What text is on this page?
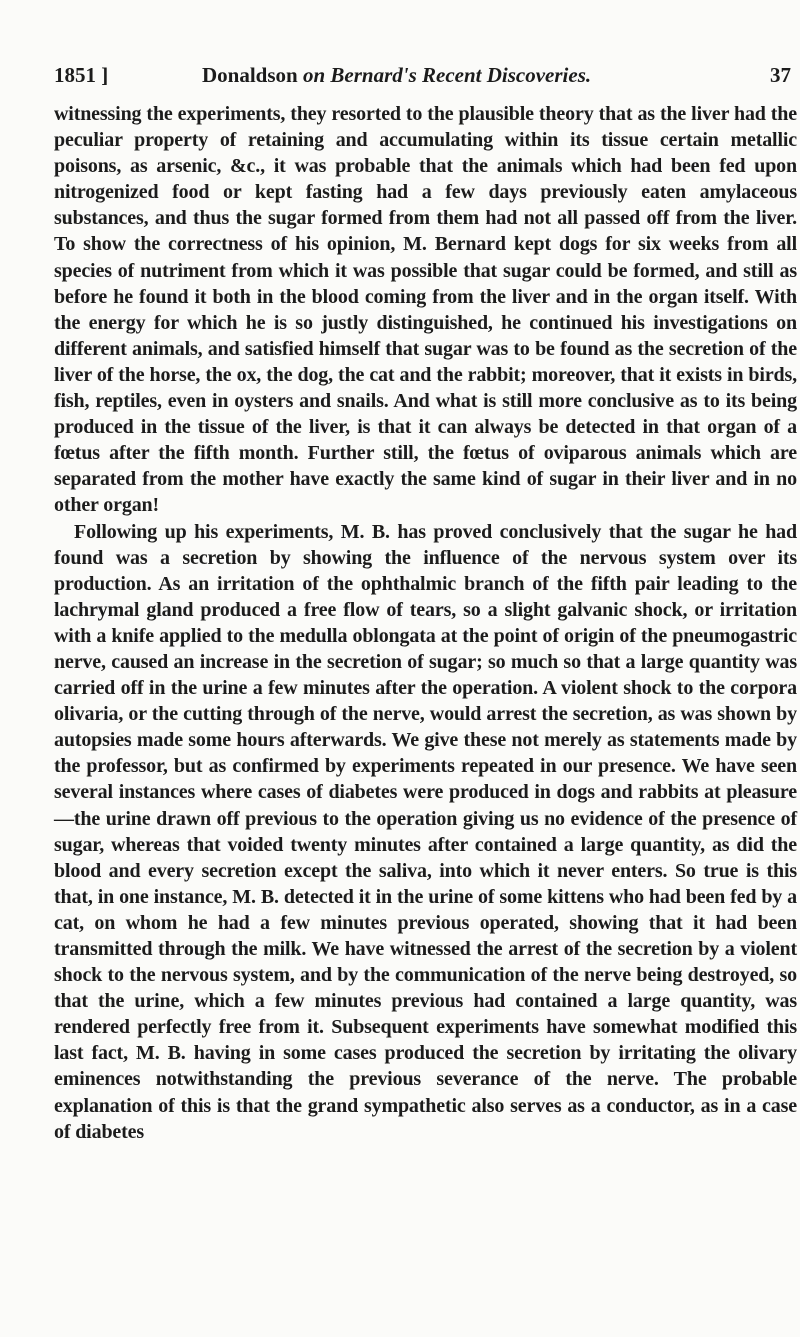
1851 ]	Donaldson on Bernard's Recent Discoveries.	37

witnessing the experiments, they resorted to the plausible theory that as the liver had the peculiar property of retaining and accumulating within its tissue certain metallic poisons, as arsenic, &c., it was probable that the animals which had been fed upon nitrogenized food or kept fasting had a few days previously eaten amylaceous substances, and thus the sugar formed from them had not all passed off from the liver. To show the correctness of his opinion, M. Bernard kept dogs for six weeks from all species of nutriment from which it was possible that sugar could be formed, and still as before he found it both in the blood coming from the liver and in the organ itself. With the energy for which he is so justly distinguished, he continued his investigations on different animals, and satisfied himself that sugar was to be found as the secretion of the liver of the horse, the ox, the dog, the cat and the rabbit; moreover, that it exists in birds, fish, reptiles, even in oysters and snails. And what is still more conclusive as to its being produced in the tissue of the liver, is that it can always be detected in that organ of a fœtus after the fifth month. Further still, the fœtus of oviparous animals which are separated from the mother have exactly the same kind of sugar in their liver and in no other organ!

Following up his experiments, M. B. has proved conclusively that the sugar he had found was a secretion by showing the influence of the nervous system over its production. As an irritation of the ophthalmic branch of the fifth pair leading to the lachrymal gland produced a free flow of tears, so a slight galvanic shock, or irritation with a knife applied to the medulla oblongata at the point of origin of the pneumogastric nerve, caused an increase in the secretion of sugar; so much so that a large quantity was carried off in the urine a few minutes after the operation. A violent shock to the corpora olivaria, or the cutting through of the nerve, would arrest the secretion, as was shown by autopsies made some hours afterwards. We give these not merely as statements made by the professor, but as confirmed by experiments repeated in our presence. We have seen several instances where cases of diabetes were produced in dogs and rabbits at pleasure—the urine drawn off previous to the operation giving us no evidence of the presence of sugar, whereas that voided twenty minutes after contained a large quantity, as did the blood and every secretion except the saliva, into which it never enters. So true is this that, in one instance, M. B. detected it in the urine of some kittens who had been fed by a cat, on whom he had a few minutes previous operated, showing that it had been transmitted through the milk. We have witnessed the arrest of the secretion by a violent shock to the nervous system, and by the communication of the nerve being destroyed, so that the urine, which a few minutes previous had contained a large quantity, was rendered perfectly free from it. Subsequent experiments have somewhat modified this last fact, M. B. having in some cases produced the secretion by irritating the olivary eminences notwithstanding the previous severance of the nerve. The probable explanation of this is that the grand sympathetic also serves as a conductor, as in a case of diabetes
